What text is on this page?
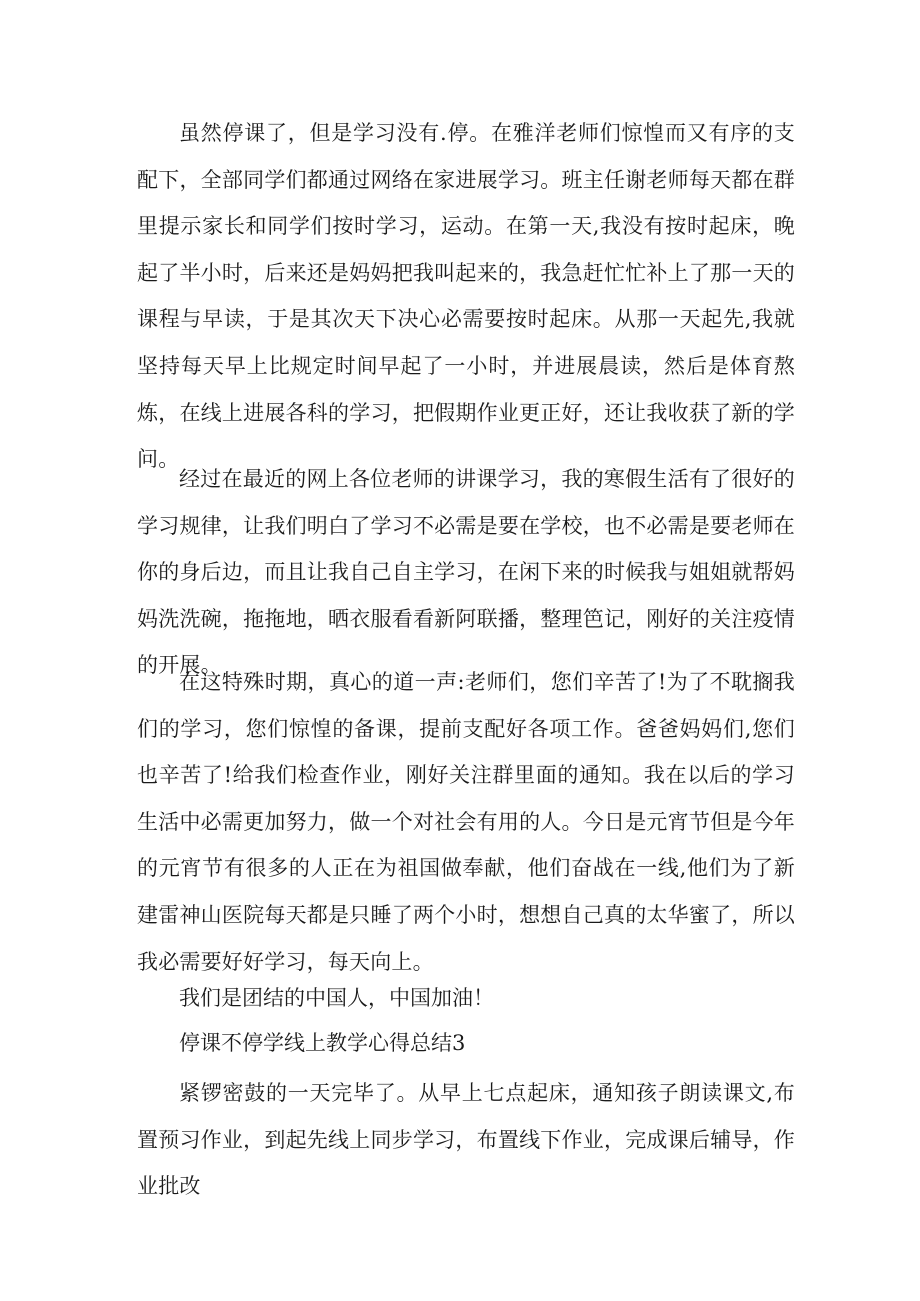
虽然停课了，但是学习没有.停。在雅洋老师们惊惶而又有序的支配下，全部同学们都通过网络在家进展学习。班主任谢老师每天都在群里提示家长和同学们按时学习，运动。在第一天,我没有按时起床，晚起了半小时，后来还是妈妈把我叫起来的，我急赶忙忙补上了那一天的课程与早读，于是其次天下决心必需要按时起床。从那一天起先,我就坚持每天早上比规定时间早起了一小时，并进展晨读，然后是体育熬炼，在线上进展各科的学习，把假期作业更正好，还让我收获了新的学问。

经过在最近的网上各位老师的讲课学习，我的寒假生活有了很好的学习规律，让我们明白了学习不必需是要在学校，也不必需是要老师在你的身后边，而且让我自己自主学习，在闲下来的时候我与姐姐就帮妈妈洗洗碗，拖拖地，晒衣服看看新阿联播，整理笆记，刚好的关注疫情的开展。

在这特殊时期，真心的道一声:老师们，您们辛苦了!为了不耽搁我们的学习，您们惊惶的备课，提前支配好各项工作。爸爸妈妈们,您们也辛苦了!给我们检查作业，刚好关注群里面的通知。我在以后的学习生活中必需更加努力，做一个对社会有用的人。今日是元宵节但是今年的元宵节有很多的人正在为祖国做奉献，他们奋战在一线,他们为了新建雷神山医院每天都是只睡了两个小时，想想自己真的太华蜜了，所以我必需要好好学习，每天向上。

我们是团结的中国人，中国加油！

停课不停学线上教学心得总结3

紧锣密鼓的一天完毕了。从早上七点起床，通知孩子朗读课文,布置预习作业，到起先线上同步学习，布置线下作业，完成课后辅导，作业批改
